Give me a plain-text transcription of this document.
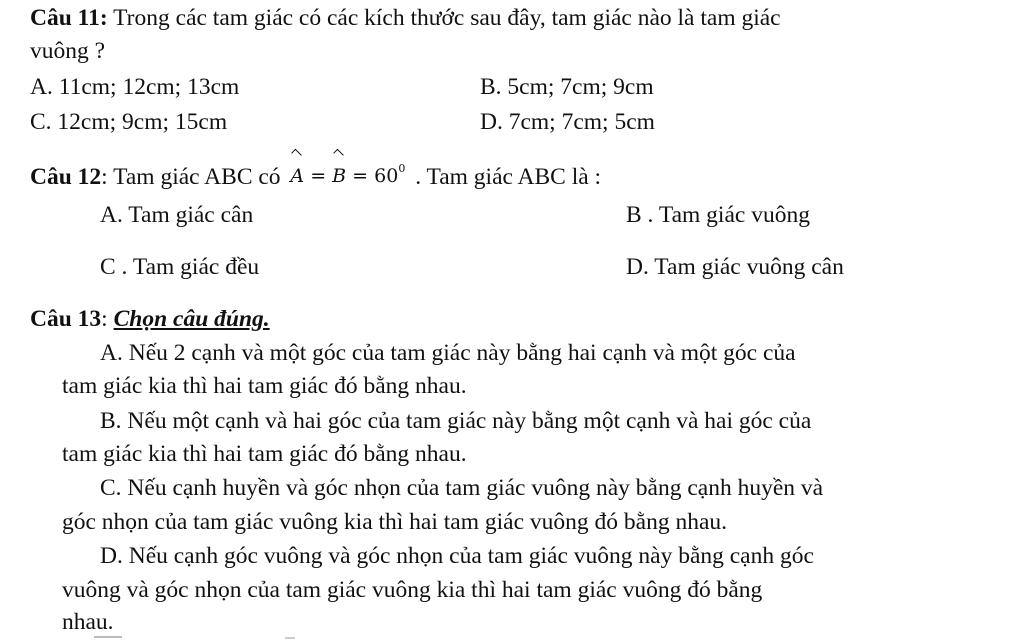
Câu 11: Trong các tam giác có các kích thước sau đây, tam giác nào là tam giác
vuông ?
A. 11cm; 12cm; 13cm	B. 5cm; 7cm; 9cm
C. 12cm; 9cm; 15cm	D. 7cm; 7cm; 5cm
Câu 12: Tam giác ABC có $A = B = 60^0$ . Tam giác ABC là :
A. Tam giác cân	B . Tam giác vuông
C . Tam giác đều	D. Tam giác vuông cân
Câu 13: Chọn câu đúng.
A. Nếu 2 cạnh và một góc của tam giác này bằng hai cạnh và một góc của
tam giác kia thì hai tam giác đó bằng nhau.
B. Nếu một cạnh và hai góc của tam giác này bằng một cạnh và hai góc của
tam giác kia thì hai tam giác đó bằng nhau.
C. Nếu cạnh huyền và góc nhọn của tam giác vuông này bằng cạnh huyền và
góc nhọn của tam giác vuông kia thì hai tam giác vuông đó bằng nhau.
D. Nếu cạnh góc vuông và góc nhọn của tam giác vuông này bằng cạnh góc
vuông và góc nhọn của tam giác vuông kia thì hai tam giác vuông đó bằng
nhau.
